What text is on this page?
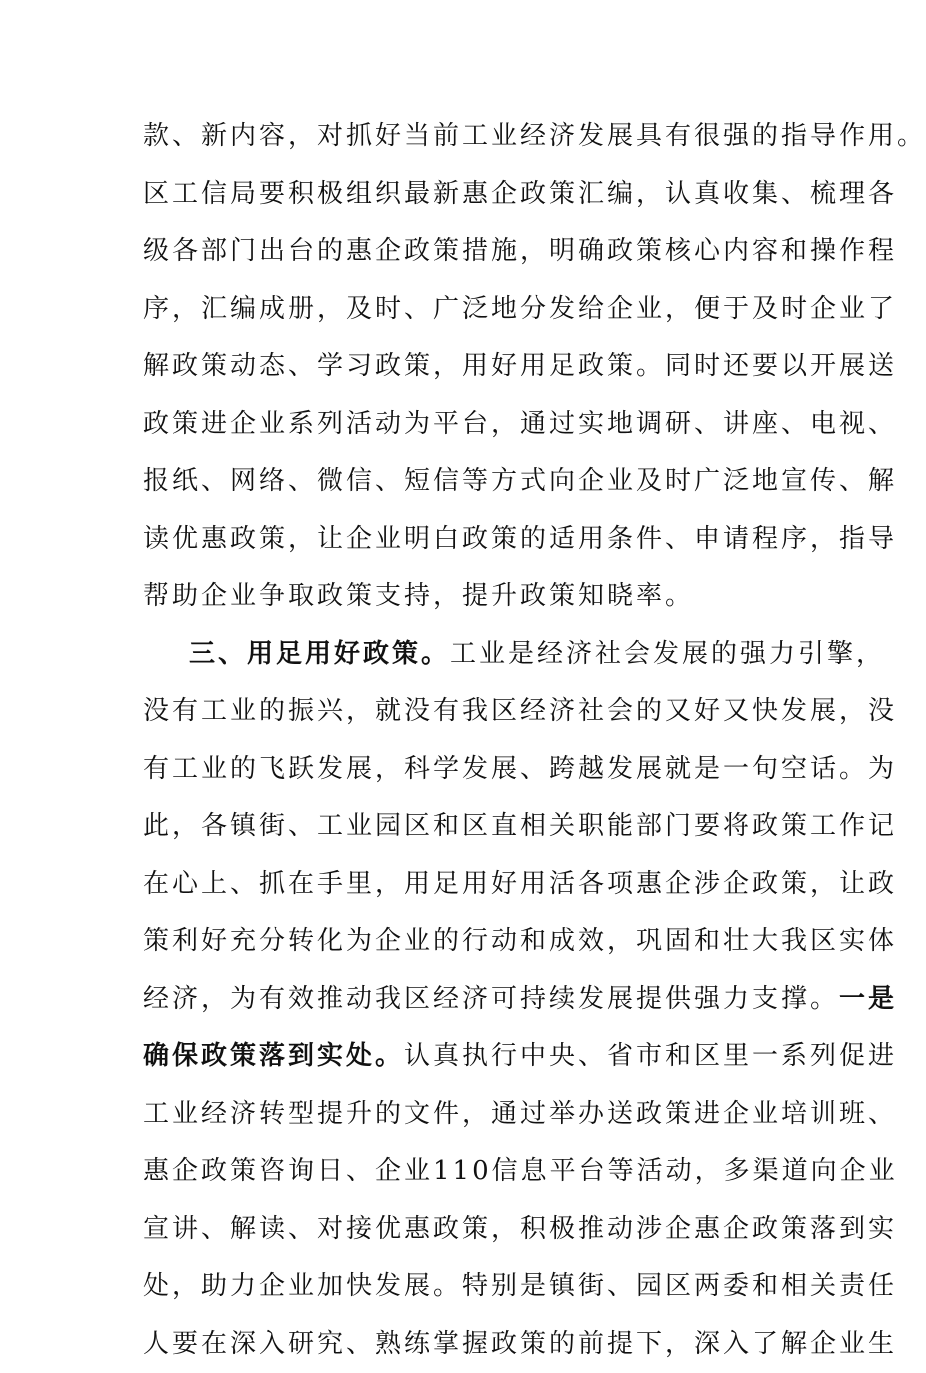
款、新内容，对抓好当前工业经济发展具有很强的指导作用。
区工信局要积极组织最新惠企政策汇编，认真收集、梳理各
级各部门出台的惠企政策措施，明确政策核心内容和操作程
序，汇编成册，及时、广泛地分发给企业，便于及时企业了
解政策动态、学习政策，用好用足政策。同时还要以开展送
政策进企业系列活动为平台，通过实地调研、讲座、电视、
报纸、网络、微信、短信等方式向企业及时广泛地宣传、解
读优惠政策，让企业明白政策的适用条件、申请程序，指导
帮助企业争取政策支持，提升政策知晓率。
三、用足用好政策。工业是经济社会发展的强力引擎，
没有工业的振兴，就没有我区经济社会的又好又快发展，没
有工业的飞跃发展，科学发展、跨越发展就是一句空话。为
此，各镇街、工业园区和区直相关职能部门要将政策工作记
在心上、抓在手里，用足用好用活各项惠企涉企政策，让政
策利好充分转化为企业的行动和成效，巩固和壮大我区实体
经济，为有效推动我区经济可持续发展提供强力支撑。一是
确保政策落到实处。认真执行中央、省市和区里一系列促进
工业经济转型提升的文件，通过举办送政策进企业培训班、
惠企政策咨询日、企业110信息平台等活动，多渠道向企业
宣讲、解读、对接优惠政策，积极推动涉企惠企政策落到实
处，助力企业加快发展。特别是镇街、园区两委和相关责任
人要在深入研究、熟练掌握政策的前提下，深入了解企业生
